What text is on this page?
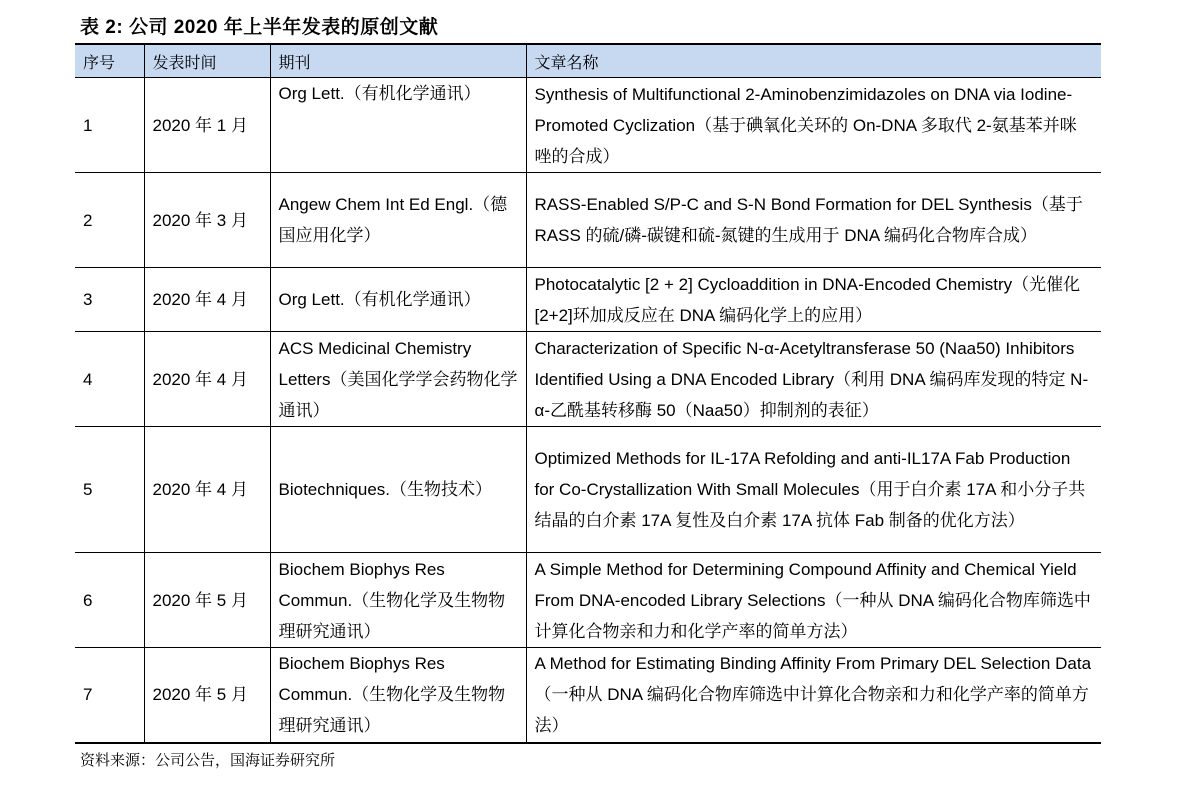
表 2: 公司 2020 年上半年发表的原创文献
序号	发表时间	期刊	文章名称
1	2020 年 1 月	Org Lett.（有机化学通讯）	Synthesis of Multifunctional 2-Aminobenzimidazoles on DNA via Iodine-Promoted Cyclization（基于碘氧化关环的 On-DNA 多取代 2-氨基苯并咪唑的合成）
2	2020 年 3 月	Angew Chem Int Ed Engl.（德国应用化学）	RASS-Enabled S/P-C and S-N Bond Formation for DEL Synthesis（基于 RASS 的硫/磷-碳键和硫-氮键的生成用于 DNA 编码化合物库合成）
3	2020 年 4 月	Org Lett.（有机化学通讯）	Photocatalytic [2 + 2] Cycloaddition in DNA-Encoded Chemistry（光催化[2+2]环加成反应在 DNA 编码化学上的应用）
4	2020 年 4 月	ACS Medicinal Chemistry Letters（美国化学学会药物化学通讯）	Characterization of Specific N-α-Acetyltransferase 50 (Naa50) Inhibitors Identified Using a DNA Encoded Library（利用 DNA 编码库发现的特定 N-α-乙酰基转移酶 50（Naa50）抑制剂的表征）
5	2020 年 4 月	Biotechniques.（生物技术）	Optimized Methods for IL-17A Refolding and anti-IL17A Fab Production for Co-Crystallization With Small Molecules（用于白介素 17A 和小分子共结晶的白介素 17A 复性及白介素 17A 抗体 Fab 制备的优化方法）
6	2020 年 5 月	Biochem Biophys Res Commun.（生物化学及生物物理研究通讯）	A Simple Method for Determining Compound Affinity and Chemical Yield From DNA-encoded Library Selections（一种从 DNA 编码化合物库筛选中计算化合物亲和力和化学产率的简单方法）
7	2020 年 5 月	Biochem Biophys Res Commun.（生物化学及生物物理研究通讯）	A Method for Estimating Binding Affinity From Primary DEL Selection Data（一种从 DNA 编码化合物库筛选中计算化合物亲和力和化学产率的简单方法）
资料来源：公司公告，国海证券研究所
